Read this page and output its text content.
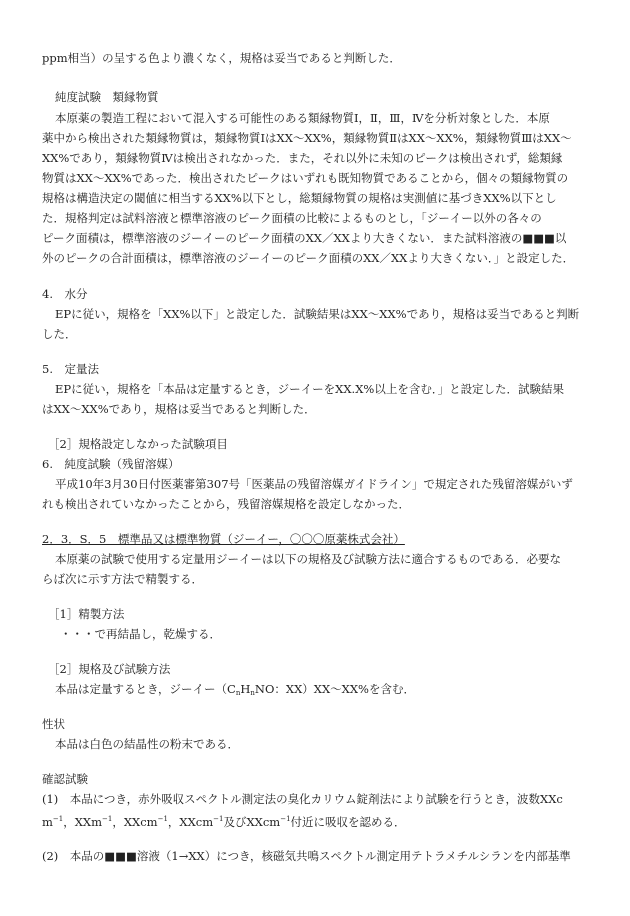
ppm相当）の呈する色より濃くなく，規格は妥当であると判断した．
純度試験　類縁物質
本原薬の製造工程において混入する可能性のある類縁物質Ⅰ，Ⅱ，Ⅲ，Ⅳを分析対象とした．本原
薬中から検出された類縁物質は，類縁物質ⅠはXX～XX%，類縁物質ⅡはXX～XX%，類縁物質ⅢはXX～
XX%であり，類縁物質Ⅳは検出されなかった．また，それ以外に未知のピークは検出されず，総類縁
物質はXX～XX%であった．検出されたピークはいずれも既知物質であることから，個々の類縁物質の
規格は構造決定の閾値に相当するXX%以下とし，総類縁物質の規格は実測値に基づきXX%以下とし
た．規格判定は試料溶液と標準溶液のピーク面積の比較によるものとし，「ジーイー以外の各々の
ピーク面積は，標準溶液のジーイーのピーク面積のXX／XXより大きくない．また試料溶液の■■■以
外のピークの合計面積は，標準溶液のジーイーのピーク面積のXX／XXより大きくない．」と設定した．
4.　水分
EPに従い，規格を「XX%以下」と設定した．試験結果はXX～XX%であり，規格は妥当であると判断
した．
5.　定量法
EPに従い，規格を「本品は定量するとき，ジーイーをXX.X%以上を含む．」と設定した．試験結果
はXX～XX%であり，規格は妥当であると判断した．
［2］規格設定しなかった試験項目
6.　純度試験（残留溶媒）
平成10年3月30日付医薬審第307号「医薬品の残留溶媒ガイドライン」で規定された残留溶媒がいず
れも検出されていなかったことから，残留溶媒規格を設定しなかった．
2．3．S．5　標準品又は標準物質（ジーイー，〇〇〇原薬株式会社）
本原薬の試験で使用する定量用ジーイーは以下の規格及び試験方法に適合するものである．必要な
らば次に示す方法で精製する．
［1］精製方法
・・・で再結晶し，乾燥する．
［2］規格及び試験方法
本品は定量するとき，ジーイー（$C_nH_nNO$：XX）XX～XX%を含む．
性状
本品は白色の結晶性の粉末である．
確認試験
(1)　本品につき，赤外吸収スペクトル測定法の臭化カリウム錠剤法により試験を行うとき，波数XXc
$m^{-1}$，XXm$^{-1}$，XXcm$^{-1}$，XXcm$^{-1}$及びXXcm$^{-1}$付近に吸収を認める．
(2)　本品の■■■溶液（1→XX）につき，核磁気共鳴スペクトル測定用テトラメチルシランを内部基準
